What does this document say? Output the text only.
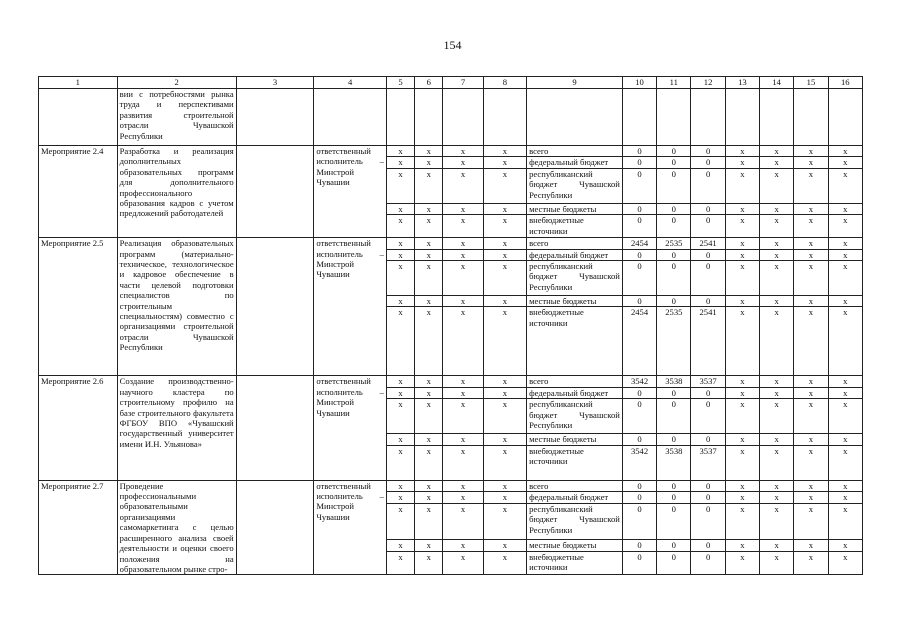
154
1	2	3	4	5	6	7	8	9	10	11	12	13	14	15	16
	вии с потребностями рынка труда и перспективами развития строительной отрасли Чувашской Республики														
Мероприятие 2.4	Разработка и реализация дополнительных образовательных программ для дополнительного профессионального образования кадров с учетом предложений работодателей		ответственный исполнитель – Минстрой Чувашии	х	х	х	х	всего	0	0	0	х	х	х	х
				х	х	х	х	федеральный бюджет	0	0	0	х	х	х	х
				х	х	х	х	республиканский бюджет Чувашской Республики	0	0	0	х	х	х	х
				х	х	х	х	местные бюджеты	0	0	0	х	х	х	х
				х	х	х	х	внебюджетные источники	0	0	0	х	х	х	х
Мероприятие 2.5	Реализация образовательных программ (материально-техническое, технологическое и кадровое обеспечение в части целевой подготовки специалистов по строительным специальностям) совместно с организациями строительной отрасли Чувашской Республики		ответственный исполнитель – Минстрой Чувашии	х	х	х	х	всего	2454	2535	2541	х	х	х	х
				х	х	х	х	федеральный бюджет	0	0	0	х	х	х	х
				х	х	х	х	республиканский бюджет Чувашской Республики	0	0	0	х	х	х	х
				х	х	х	х	местные бюджеты	0	0	0	х	х	х	х
				х	х	х	х	внебюджетные источники	2454	2535	2541	х	х	х	х
Мероприятие 2.6	Создание производственно-научного кластера по строительному профилю на базе строительного факультета ФГБОУ ВПО «Чувашский государственный университет имени И.Н. Ульянова»		ответственный исполнитель – Минстрой Чувашии	х	х	х	х	всего	3542	3538	3537	х	х	х	х
				х	х	х	х	федеральный бюджет	0	0	0	х	х	х	х
				х	х	х	х	республиканский бюджет Чувашской Республики	0	0	0	х	х	х	х
				х	х	х	х	местные бюджеты	0	0	0	х	х	х	х
				х	х	х	х	внебюджетные источники	3542	3538	3537	х	х	х	х
Мероприятие 2.7	Проведение профессиональными образовательными организациями самомаркетинга с целью расширенного анализа своей деятельности и оценки своего положения на образовательном рынке стро-		ответственный исполнитель – Минстрой Чувашии	х	х	х	х	всего	0	0	0	х	х	х	х
				х	х	х	х	федеральный бюджет	0	0	0	х	х	х	х
				х	х	х	х	республиканский бюджет Чувашской Республики	0	0	0	х	х	х	х
				х	х	х	х	местные бюджеты	0	0	0	х	х	х	х
				х	х	х	х	внебюджетные источники	0	0	0	х	х	х	х
